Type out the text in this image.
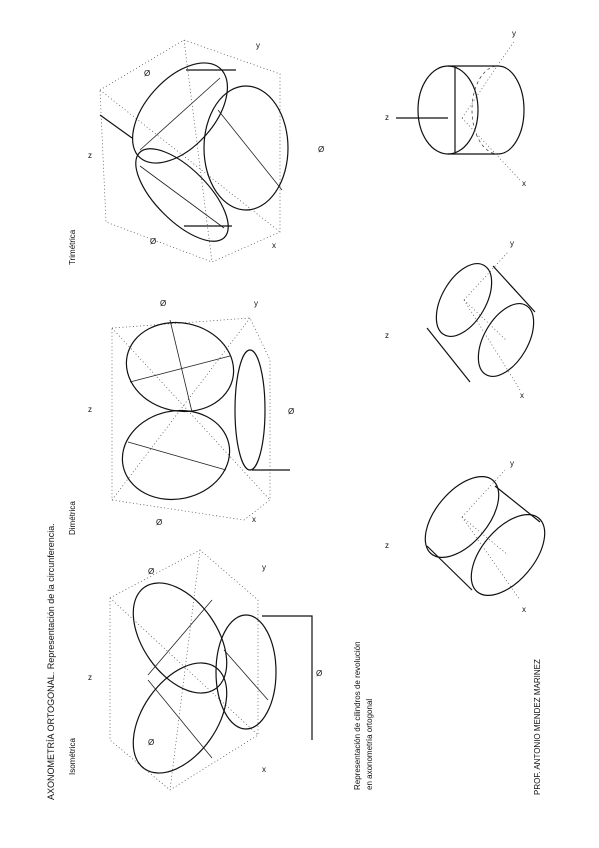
AXONOMETRÍA ORTOGONAL. Representación de la circunferencia. Isométrica
Dimétrica
Trimétrica
Representación de cilindros de revolución en axonometría ortogonal	PROF. ANTONIO MENDEZ MARINEZ
z
x
y
Ø
Ø
Ø
z
x
y
Ø
Ø
Ø
z
x
y
Ø
Ø
Ø
z
x
y
z
x
y
z
x
y
